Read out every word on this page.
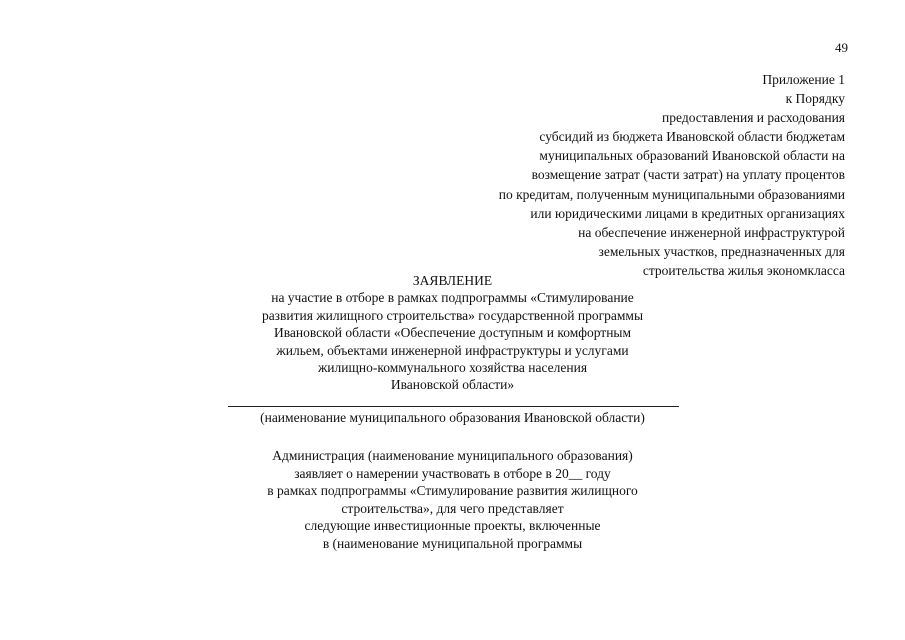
49
Приложение 1
к Порядку
предоставления и расходования
субсидий из бюджета Ивановской области бюджетам
муниципальных образований Ивановской области на
возмещение затрат (части затрат) на уплату процентов
по кредитам, полученным муниципальными образованиями
или юридическими лицами в кредитных организациях
на обеспечение инженерной инфраструктурой
земельных участков, предназначенных для
строительства жилья экономкласса
ЗАЯВЛЕНИЕ
на участие в отборе в рамках подпрограммы «Стимулирование
развития жилищного строительства» государственной программы
Ивановской области «Обеспечение доступным и комфортным
жильем, объектами инженерной инфраструктуры и услугами
жилищно-коммунального хозяйства населения
Ивановской области»
(наименование муниципального образования Ивановской области)
Администрация (наименование муниципального образования)
заявляет о намерении участвовать в отборе в 20__ году
в рамках подпрограммы «Стимулирование развития жилищного
строительства», для чего представляет
следующие инвестиционные проекты, включенные
в (наименование муниципальной программы
